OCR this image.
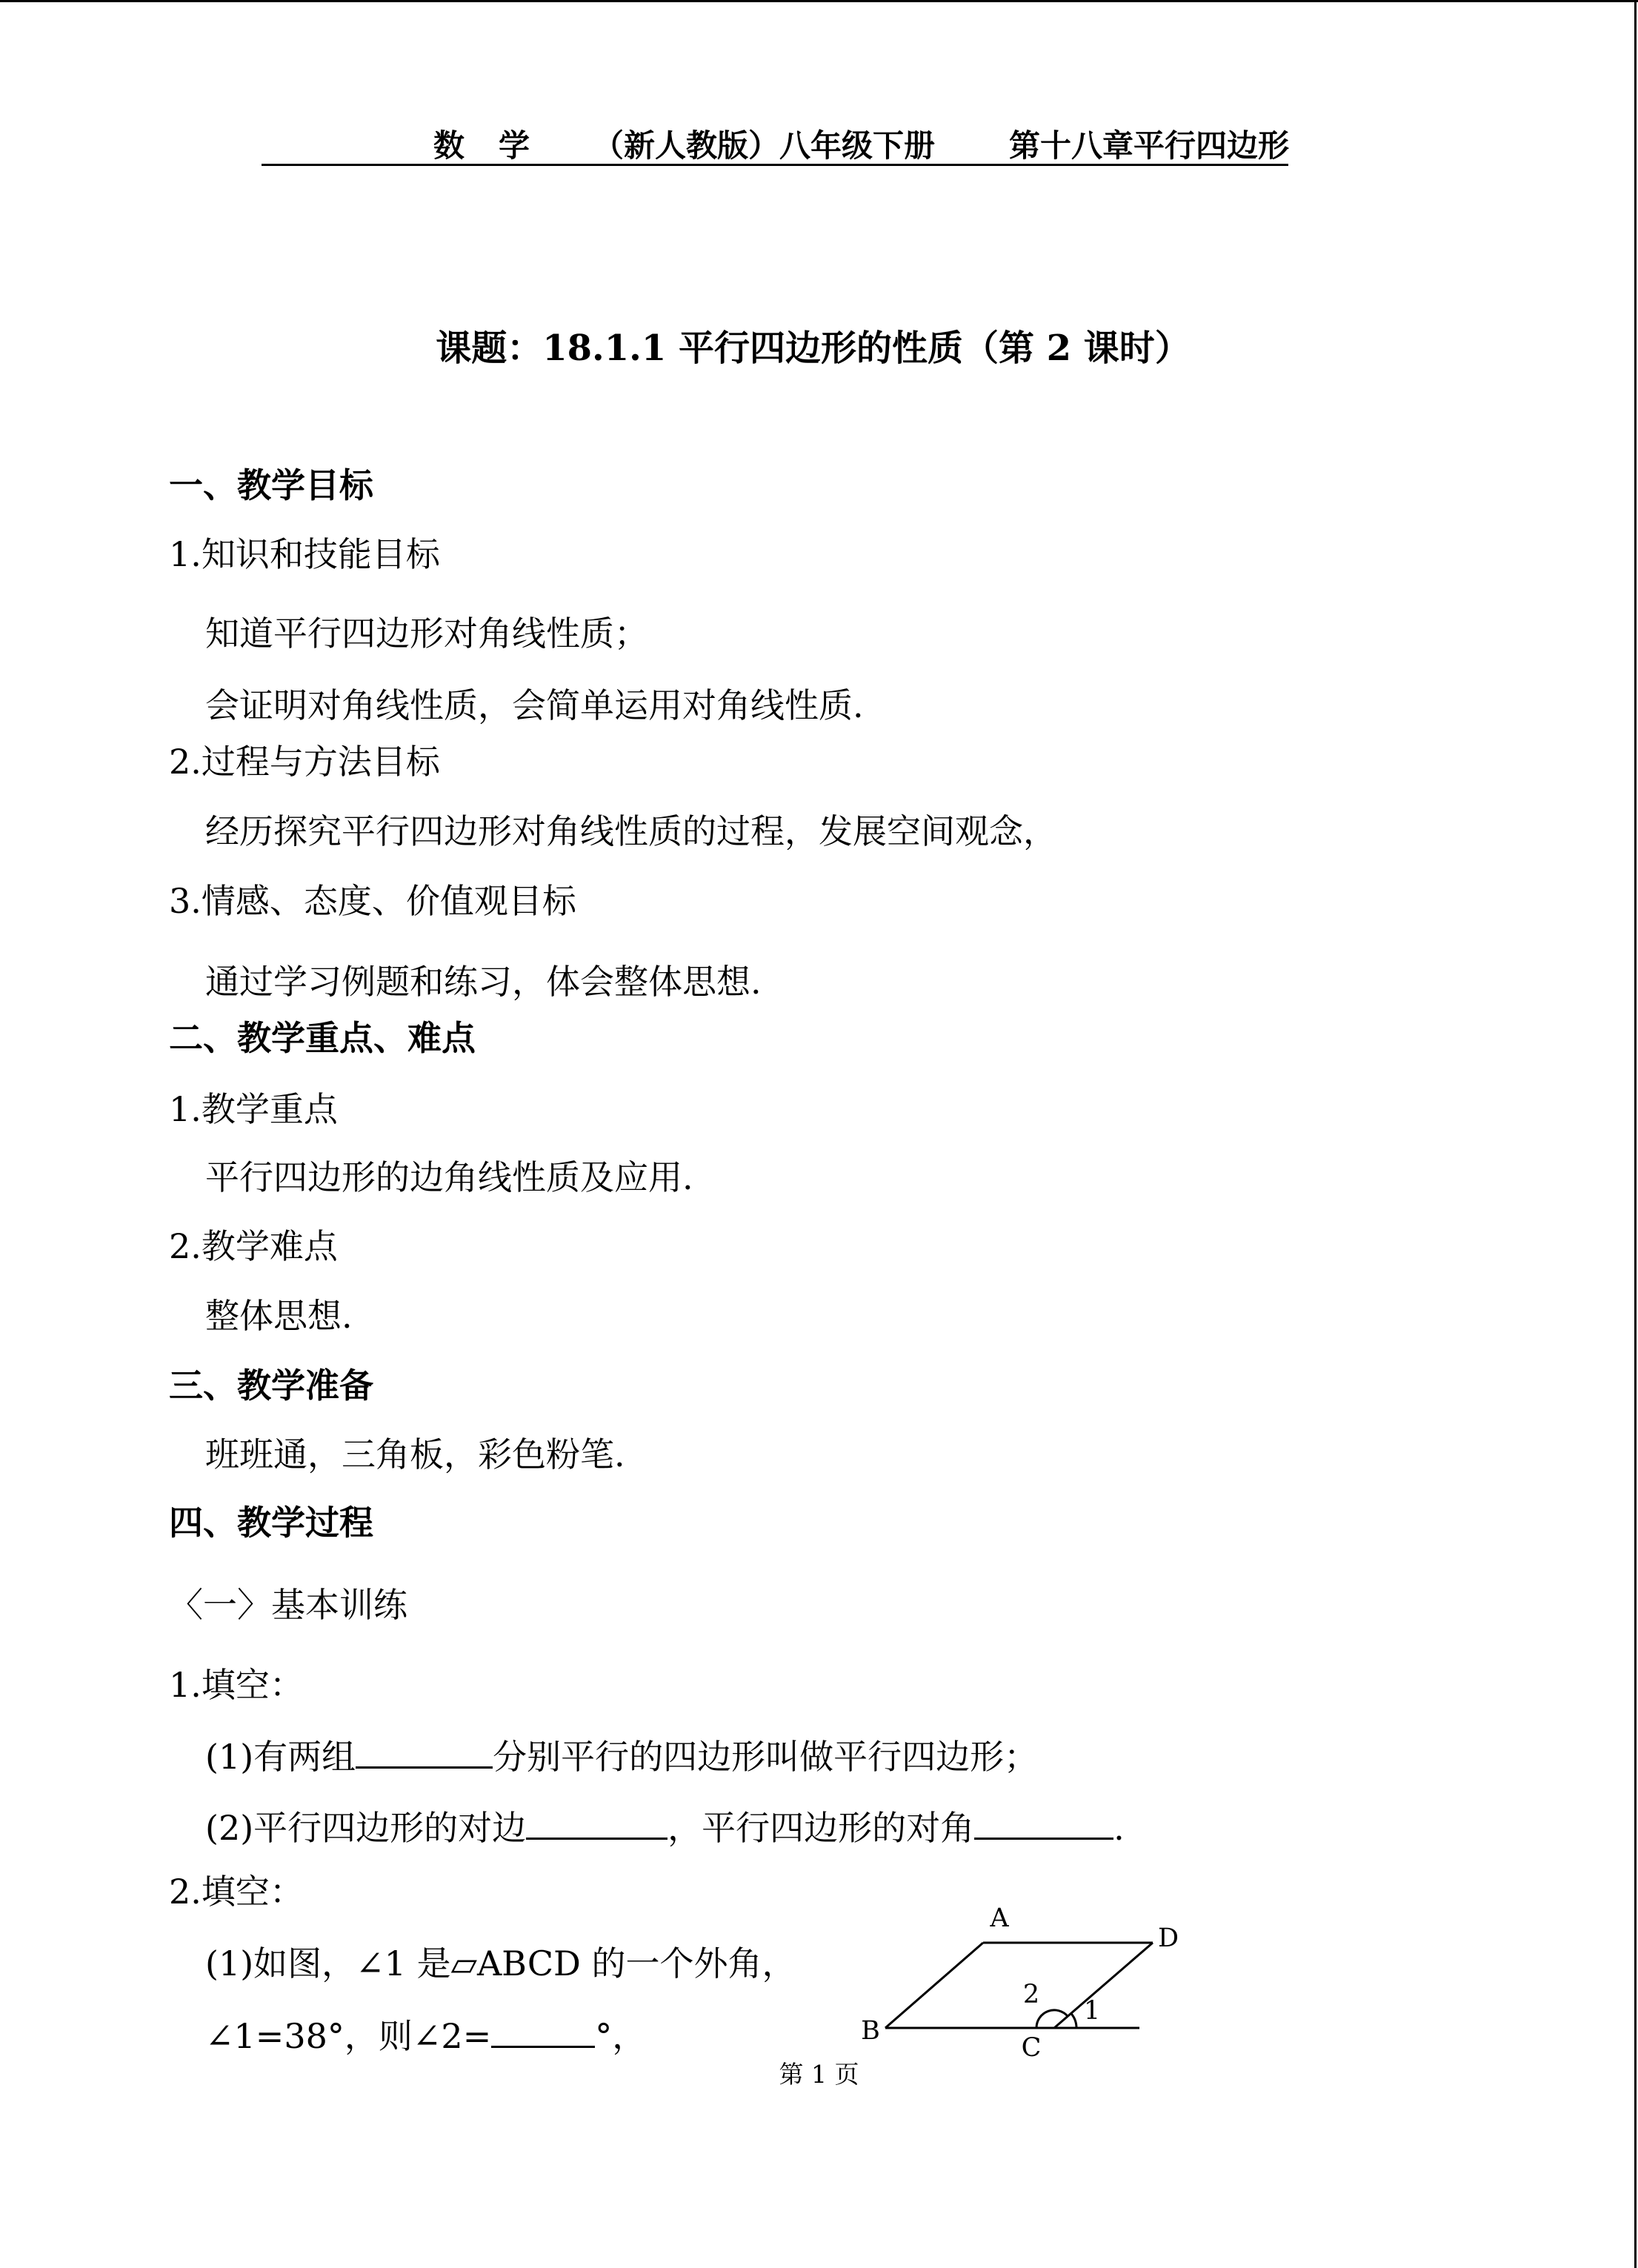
数 学 （新人教版）八年级下册 第十八章平行四边形
课题：18.1.1 平行四边形的性质（第 2 课时）
一、教学目标
1.知识和技能目标
知道平行四边形对角线性质；
会证明对角线性质，会简单运用对角线性质.
2.过程与方法目标
经历探究平行四边形对角线性质的过程，发展空间观念，
3.情感、态度、价值观目标
通过学习例题和练习，体会整体思想.
二、教学重点、难点
1.教学重点
平行四边形的边角线性质及应用.
2.教学难点
整体思想.
三、教学准备
班班通，三角板，彩色粉笔.
四、教学过程
〈一〉基本训练
1.填空：
(1)有两组	分别平行的四边形叫做平行四边形；
(2)平行四边形的对边	，平行四边形的对角	.
2.填空：
(1)如图，∠1 是▱ABCD 的一个外角，
∠1=38°，则∠2=	°，
A
D
B
C
2
1
第 1 页
